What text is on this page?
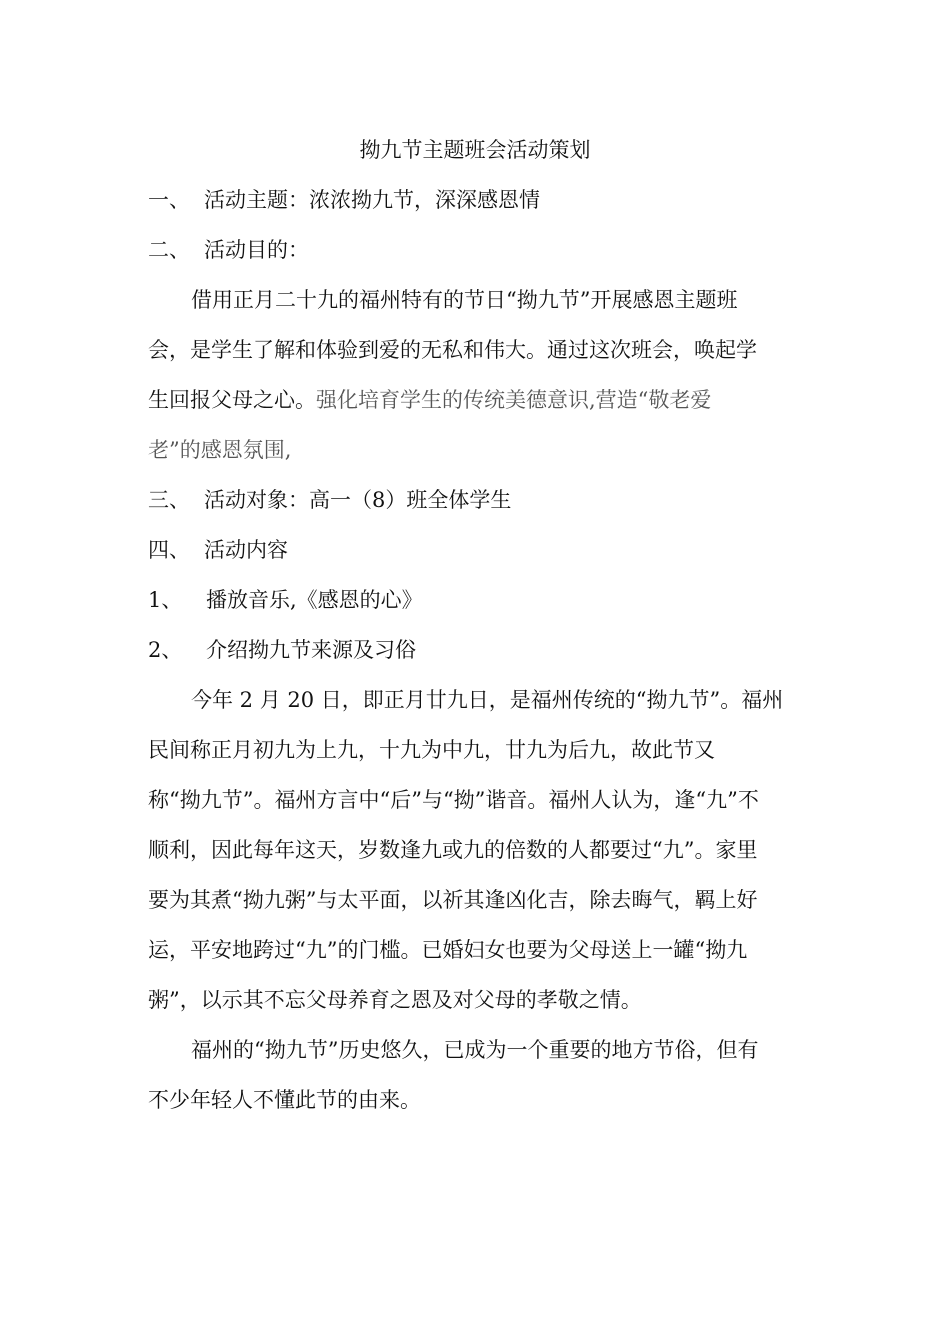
拗九节主题班会活动策划
一、 活动主题：浓浓拗九节，深深感恩情
二、 活动目的：
借用正月二十九的福州特有的节日“拗九节”开展感恩主题班
会，是学生了解和体验到爱的无私和伟大。通过这次班会，唤起学
生回报父母之心。强化培育学生的传统美德意识,营造“敬老爱
老”的感恩氛围,
三、 活动对象：高一（8）班全体学生
四、 活动内容
1、 播放音乐,《感恩的心》
2、 介绍拗九节来源及习俗
今年 2 月 20 日，即正月廿九日，是福州传统的“拗九节”。福州
民间称正月初九为上九，十九为中九，廿九为后九，故此节又
称“拗九节”。福州方言中“后”与“拗”谐音。福州人认为，逢“九”不
顺利，因此每年这天，岁数逢九或九的倍数的人都要过“九”。家里
要为其煮“拗九粥”与太平面，以祈其逢凶化吉，除去晦气，羁上好
运，平安地跨过“九”的门槛。已婚妇女也要为父母送上一罐“拗九
粥”，以示其不忘父母养育之恩及对父母的孝敬之情。
福州的“拗九节”历史悠久，已成为一个重要的地方节俗，但有
不少年轻人不懂此节的由来。
